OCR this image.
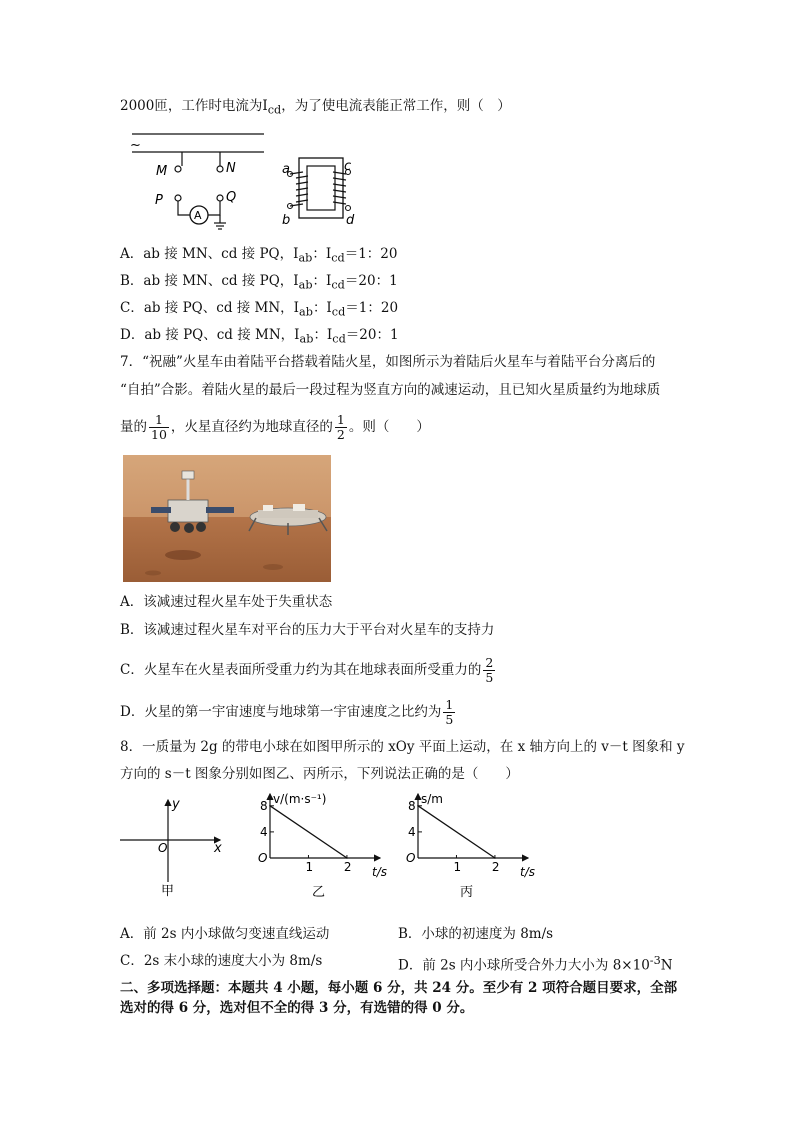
2000匝，工作时电流为$I_{cd}$，为了使电流表能正常工作，则（　）
~
M	N
P
A
Q
a
b
c
d
A．ab 接 MN、cd 接 PQ，$I_{ab}$：$I_{cd}=1$：20
B．ab 接 MN、cd 接 PQ，$I_{ab}$：$I_{cd}=20$：1
C．ab 接 PQ、cd 接 MN，$I_{ab}$：$I_{cd}=1$：20
D．ab 接 PQ、cd 接 MN，$I_{ab}$：$I_{cd}=20$：1
7．“祝融”火星车由着陆平台搭载着陆火星，如图所示为着陆后火星车与着陆平台分离后的
“自拍”合影。着陆火星的最后一段过程为竖直方向的减速运动，且已知火星质量约为地球质
量的 $\frac{1}{10}$ ，火星直径约为地球直径的 $\frac{1}{2}$ 。则（　　）
A．该减速过程火星车处于失重状态
B．该减速过程火星车对平台的压力大于平台对火星车的支持力
C．火星车在火星表面所受重力约为其在地球表面所受重力的 $\frac{2}{5}$
D．火星的第一宇宙速度与地球第一宇宙速度之比约为 $\frac{1}{5}$
8．一质量为 2g 的带电小球在如图甲所示的 xOy 平面上运动，在 x 轴方向上的 v－t 图象和 y
方向的 s－t 图象分别如图乙、丙所示，下列说法正确的是（　　）
y
x
O
甲
4
8
1	2
O
v/(m·s⁻¹)
t/s
乙
4
8
1	2
O
s/m
t/s
丙
A．前 2s 内小球做匀变速直线运动	B．小球的初速度为 8m/s
C．2s 末小球的速度大小为 8m/s	D．前 2s 内小球所受合外力大小为 $8\times 10^{-3}N$
二、多项选择题：本题共 4 小题，每小题 6 分，共 24 分。至少有 2 项符合题目要求，全部
选对的得 6 分，选对但不全的得 3 分，有选错的得 0 分。
